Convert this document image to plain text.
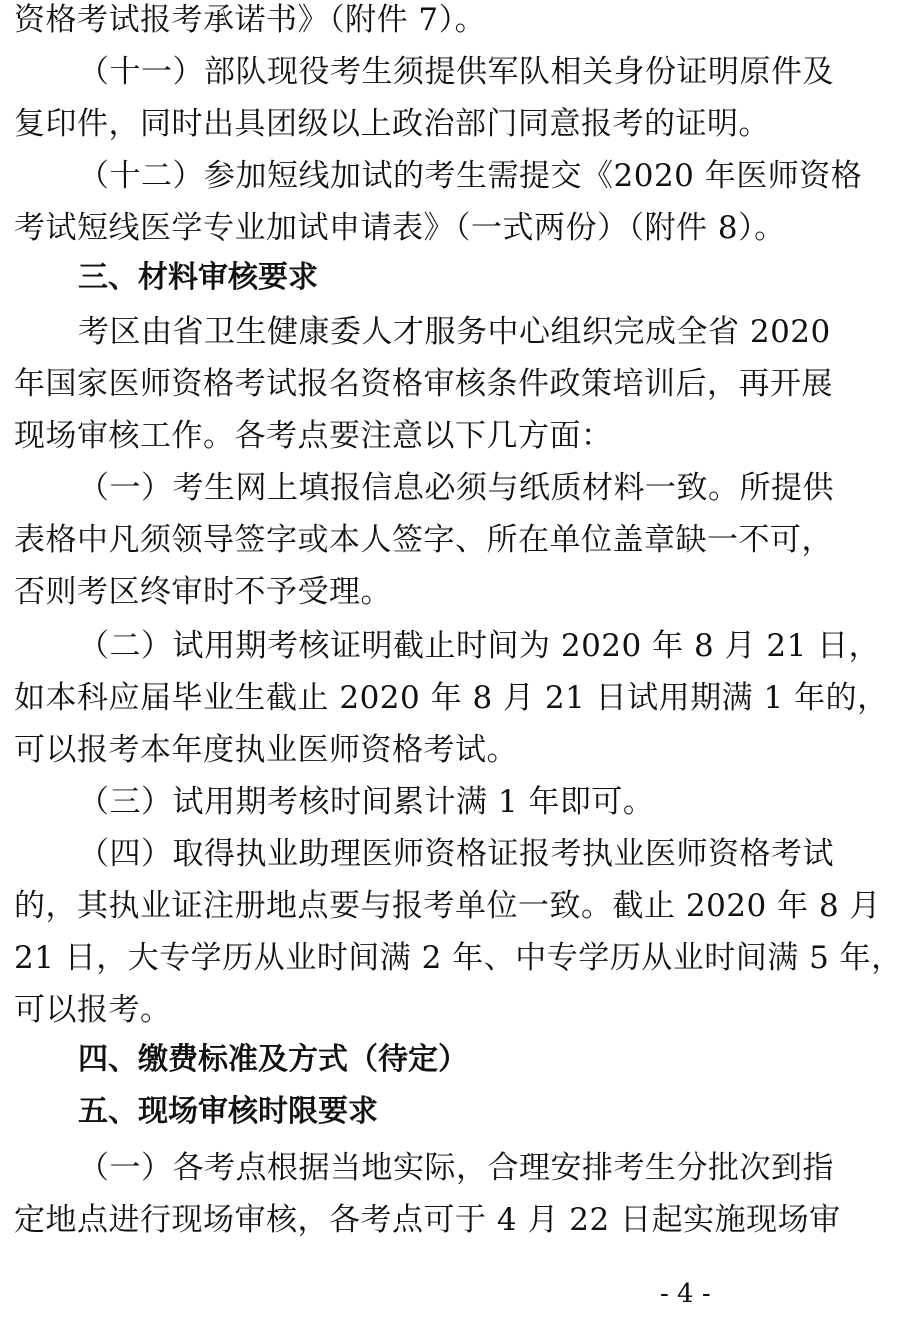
资格考试报考承诺书》（附件 7）。
（十一）部队现役考生须提供军队相关身份证明原件及
复印件，同时出具团级以上政治部门同意报考的证明。
（十二）参加短线加试的考生需提交《2020 年医师资格
考试短线医学专业加试申请表》（一式两份）（附件 8）。
三、材料审核要求
考区由省卫生健康委人才服务中心组织完成全省 2020
年国家医师资格考试报名资格审核条件政策培训后，再开展
现场审核工作。各考点要注意以下几方面：
（一）考生网上填报信息必须与纸质材料一致。所提供
表格中凡须领导签字或本人签字、所在单位盖章缺一不可，
否则考区终审时不予受理。
（二）试用期考核证明截止时间为 2020 年 8 月 21 日，
如本科应届毕业生截止 2020 年 8 月 21 日试用期满 1 年的，
可以报考本年度执业医师资格考试。
（三）试用期考核时间累计满 1 年即可。
（四）取得执业助理医师资格证报考执业医师资格考试
的，其执业证注册地点要与报考单位一致。截止 2020 年 8 月
21 日，大专学历从业时间满 2 年、中专学历从业时间满 5 年，
可以报考。
四、缴费标准及方式（待定）
五、现场审核时限要求
（一）各考点根据当地实际，合理安排考生分批次到指
定地点进行现场审核，各考点可于 4 月 22 日起实施现场审
- 4 -
